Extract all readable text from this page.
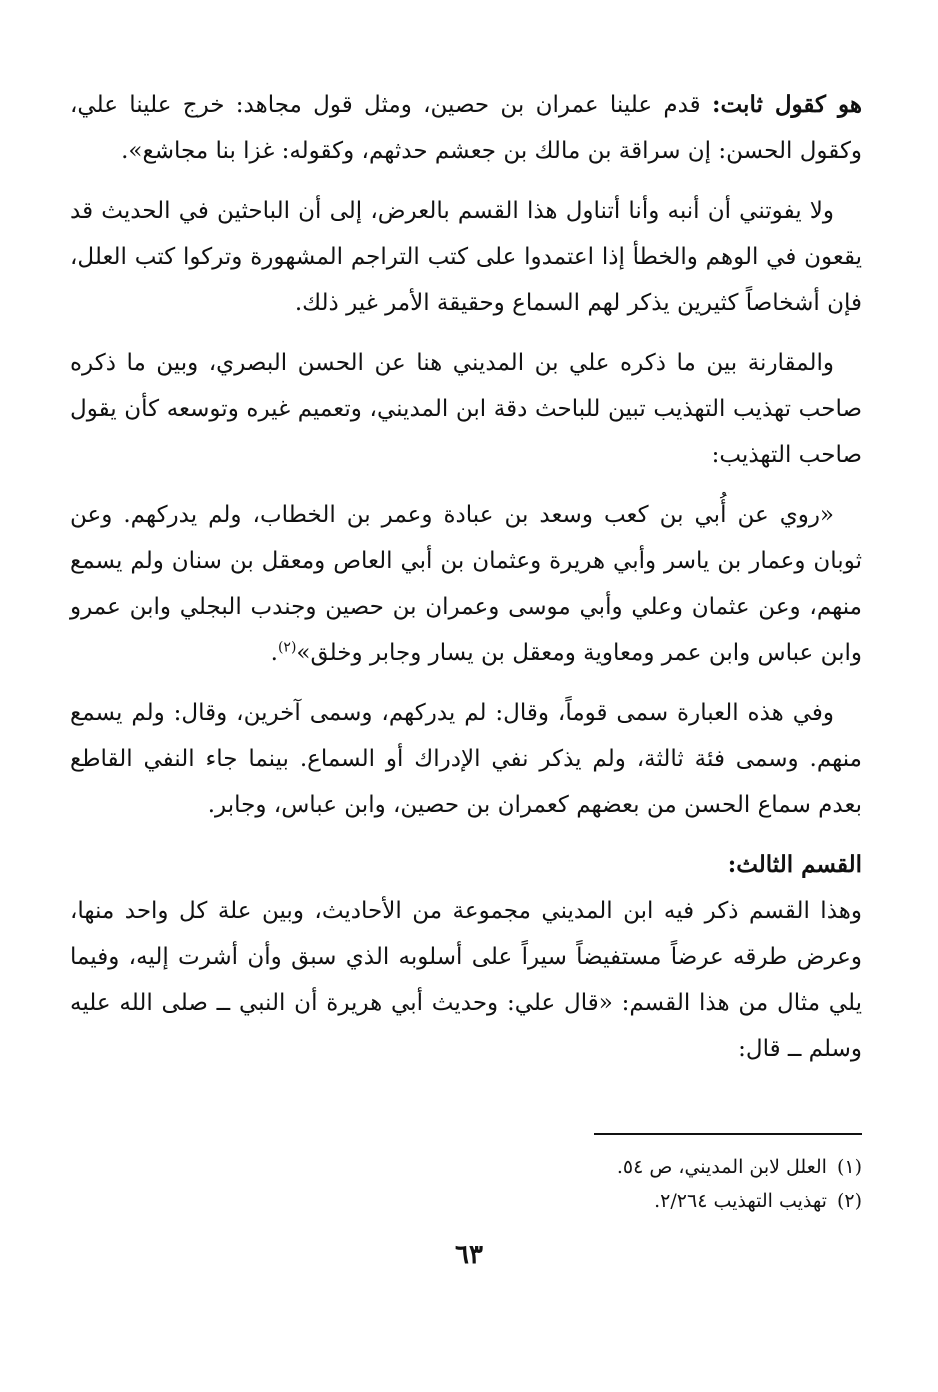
هو كقول ثابت: قدم علينا عمران بن حصين، ومثل قول مجاهد: خرج علينا علي، وكقول الحسن: إن سراقة بن مالك بن جعشم حدثهم، وكقوله: غزا بنا مجاشع».

ولا يفوتني أن أنبه وأنا أتناول هذا القسم بالعرض، إلى أن الباحثين في الحديث قد يقعون في الوهم والخطأ إذا اعتمدوا على كتب التراجم المشهورة وتركوا كتب العلل، فإن أشخاصاً كثيرين يذكر لهم السماع وحقيقة الأمر غير ذلك.

والمقارنة بين ما ذكره علي بن المديني هنا عن الحسن البصري، وبين ما ذكره صاحب تهذيب التهذيب تبين للباحث دقة ابن المديني، وتعميم غيره وتوسعه كأن يقول صاحب التهذيب:

«روي عن أُبي بن كعب وسعد بن عبادة وعمر بن الخطاب، ولم يدركهم. وعن ثوبان وعمار بن ياسر وأبي هريرة وعثمان بن أبي العاص ومعقل بن سنان ولم يسمع منهم، وعن عثمان وعلي وأبي موسى وعمران بن حصين وجندب البجلي وابن عمرو وابن عباس وابن عمر ومعاوية ومعقل بن يسار وجابر وخلق»$^{(٢)}$.

وفي هذه العبارة سمى قوماً، وقال: لم يدركهم، وسمى آخرين، وقال: ولم يسمع منهم. وسمى فئة ثالثة، ولم يذكر نفي الإدراك أو السماع. بينما جاء النفي القاطع بعدم سماع الحسن من بعضهم كعمران بن حصين، وابن عباس، وجابر.

القسم الثالث:

وهذا القسم ذكر فيه ابن المديني مجموعة من الأحاديث، وبين علة كل واحد منها، وعرض طرقه عرضاً مستفيضاً سيراً على أسلوبه الذي سبق وأن أشرت إليه، وفيما يلي مثال من هذا القسم: «قال علي: وحديث أبي هريرة أن النبي ــ صلى الله عليه وسلم ــ قال:

(١)العلل لابن المديني، ص ٥٤.
(٢)تهذيب التهذيب ٢/٢٦٤.
٦٣
